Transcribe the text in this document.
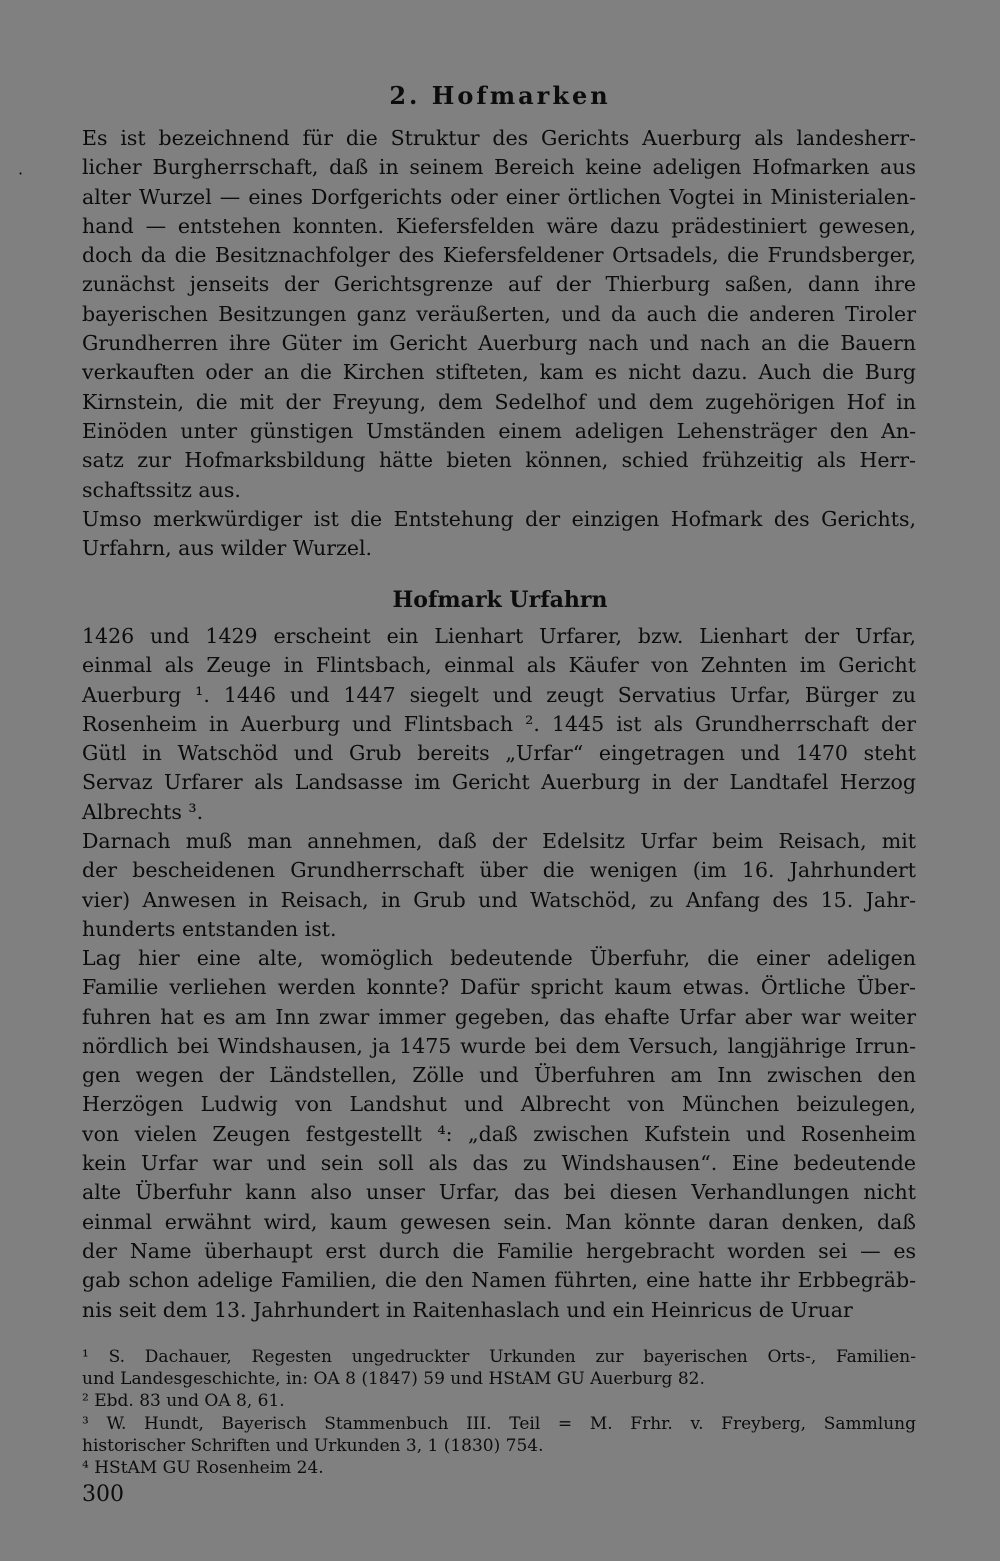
·
2. Hofmarken
Es ist bezeichnend für die Struktur des Gerichts Auerburg als landesherr-
licher Burgherrschaft, daß in seinem Bereich keine adeligen Hofmarken aus
alter Wurzel — eines Dorfgerichts oder einer örtlichen Vogtei in Ministerialen-
hand — entstehen konnten. Kiefersfelden wäre dazu prädestiniert gewesen,
doch da die Besitznachfolger des Kiefersfeldener Ortsadels, die Frundsberger,
zunächst jenseits der Gerichtsgrenze auf der Thierburg saßen, dann ihre
bayerischen Besitzungen ganz veräußerten, und da auch die anderen Tiroler
Grundherren ihre Güter im Gericht Auerburg nach und nach an die Bauern
verkauften oder an die Kirchen stifteten, kam es nicht dazu. Auch die Burg
Kirnstein, die mit der Freyung, dem Sedelhof und dem zugehörigen Hof in
Einöden unter günstigen Umständen einem adeligen Lehensträger den An-
satz zur Hofmarksbildung hätte bieten können, schied frühzeitig als Herr-
schaftssitz aus.
Umso merkwürdiger ist die Entstehung der einzigen Hofmark des Gerichts,
Urfahrn, aus wilder Wurzel.
Hofmark Urfahrn
1426 und 1429 erscheint ein Lienhart Urfarer, bzw. Lienhart der Urfar,
einmal als Zeuge in Flintsbach, einmal als Käufer von Zehnten im Gericht
Auerburg ¹. 1446 und 1447 siegelt und zeugt Servatius Urfar, Bürger zu
Rosenheim in Auerburg und Flintsbach ². 1445 ist als Grundherrschaft der
Gütl in Watschöd und Grub bereits „Urfar“ eingetragen und 1470 steht
Servaz Urfarer als Landsasse im Gericht Auerburg in der Landtafel Herzog
Albrechts ³.
Darnach muß man annehmen, daß der Edelsitz Urfar beim Reisach, mit
der bescheidenen Grundherrschaft über die wenigen (im 16. Jahrhundert
vier) Anwesen in Reisach, in Grub und Watschöd, zu Anfang des 15. Jahr-
hunderts entstanden ist.
Lag hier eine alte, womöglich bedeutende Überfuhr, die einer adeligen
Familie verliehen werden konnte? Dafür spricht kaum etwas. Örtliche Über-
fuhren hat es am Inn zwar immer gegeben, das ehafte Urfar aber war weiter
nördlich bei Windshausen, ja 1475 wurde bei dem Versuch, langjährige Irrun-
gen wegen der Ländstellen, Zölle und Überfuhren am Inn zwischen den
Herzögen Ludwig von Landshut und Albrecht von München beizulegen,
von vielen Zeugen festgestellt ⁴: „daß zwischen Kufstein und Rosenheim
kein Urfar war und sein soll als das zu Windshausen“. Eine bedeutende
alte Überfuhr kann also unser Urfar, das bei diesen Verhandlungen nicht
einmal erwähnt wird, kaum gewesen sein. Man könnte daran denken, daß
der Name überhaupt erst durch die Familie hergebracht worden sei — es
gab schon adelige Familien, die den Namen führten, eine hatte ihr Erbbegräb-
nis seit dem 13. Jahrhundert in Raitenhaslach und ein Heinricus de Uruar
¹ S. Dachauer, Regesten ungedruckter Urkunden zur bayerischen Orts-, Familien-
und Landesgeschichte, in: OA 8 (1847) 59 und HStAM GU Auerburg 82.
² Ebd. 83 und OA 8, 61.
³ W. Hundt, Bayerisch Stammenbuch III. Teil = M. Frhr. v. Freyberg, Sammlung
historischer Schriften und Urkunden 3, 1 (1830) 754.
⁴ HStAM GU Rosenheim 24.
300
